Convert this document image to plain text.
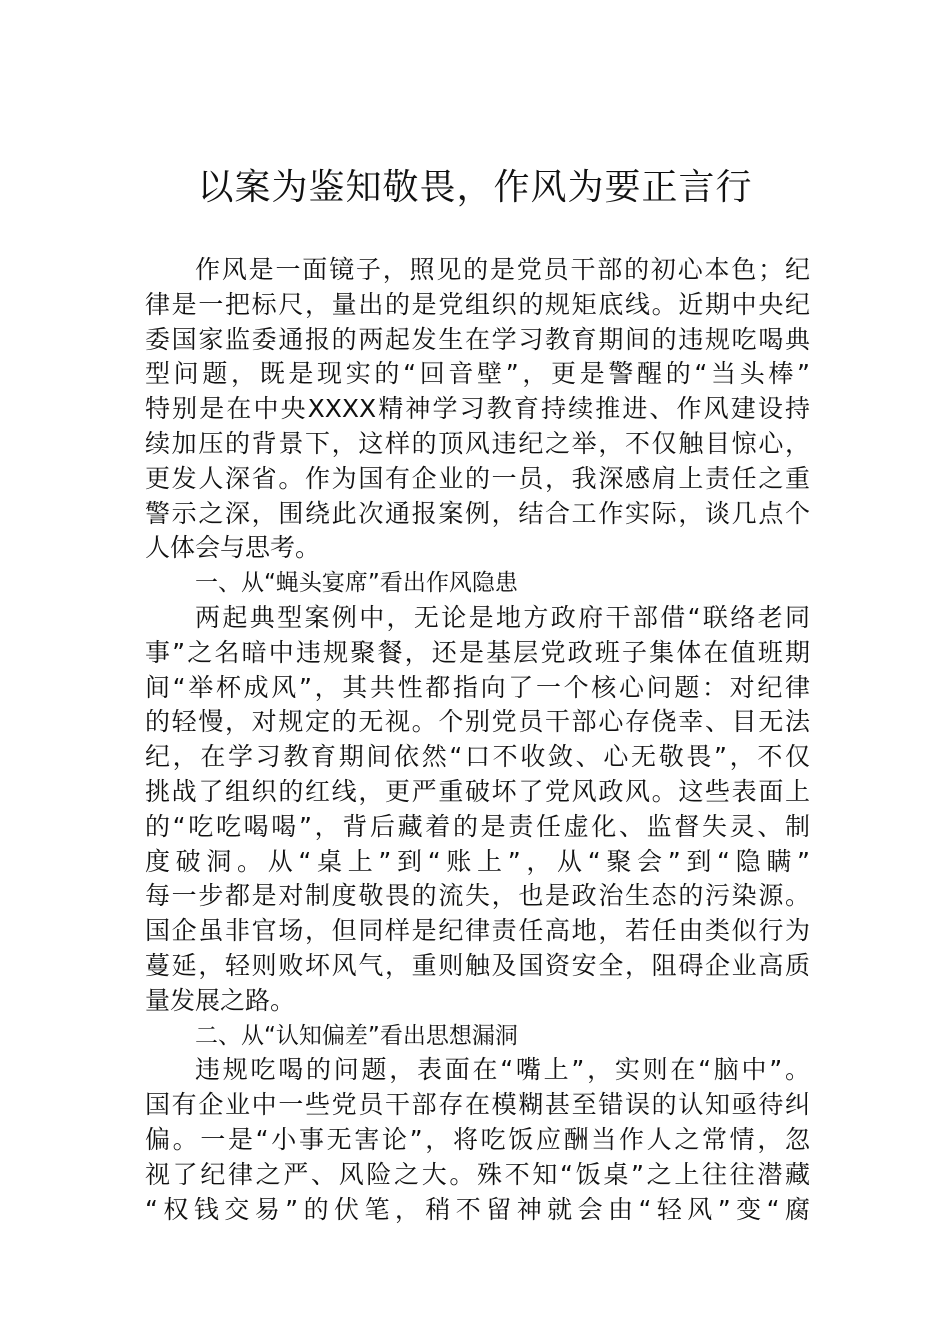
以案为鉴知敬畏，作风为要正言行
作风是一面镜子，照见的是党员干部的初心本色；纪
律是一把标尺，量出的是党组织的规矩底线。近期中央纪
委国家监委通报的两起发生在学习教育期间的违规吃喝典
型问题，既是现实的“回音壁”，更是警醒的“当头棒”
特别是在中央XXXX精神学习教育持续推进、作风建设持
续加压的背景下，这样的顶风违纪之举，不仅触目惊心，
更发人深省。作为国有企业的一员，我深感肩上责任之重
警示之深，围绕此次通报案例，结合工作实际，谈几点个
人体会与思考。
一、从“蝇头宴席”看出作风隐患
两起典型案例中，无论是地方政府干部借“联络老同
事”之名暗中违规聚餐，还是基层党政班子集体在值班期
间“举杯成风”，其共性都指向了一个核心问题：对纪律
的轻慢，对规定的无视。个别党员干部心存侥幸、目无法
纪，在学习教育期间依然“口不收敛、心无敬畏”，不仅
挑战了组织的红线，更严重破坏了党风政风。这些表面上
的“吃吃喝喝”，背后藏着的是责任虚化、监督失灵、制
度破洞。从“桌上”到“账上”，从“聚会”到“隐瞒”
每一步都是对制度敬畏的流失，也是政治生态的污染源。
国企虽非官场，但同样是纪律责任高地，若任由类似行为
蔓延，轻则败坏风气，重则触及国资安全，阻碍企业高质
量发展之路。
二、从“认知偏差”看出思想漏洞
违规吃喝的问题，表面在“嘴上”，实则在“脑中”。
国有企业中一些党员干部存在模糊甚至错误的认知亟待纠
偏。一是“小事无害论”，将吃饭应酬当作人之常情，忽
视了纪律之严、风险之大。殊不知“饭桌”之上往往潜藏
“权钱交易”的伏笔，稍不留神就会由“轻风”变“腐
